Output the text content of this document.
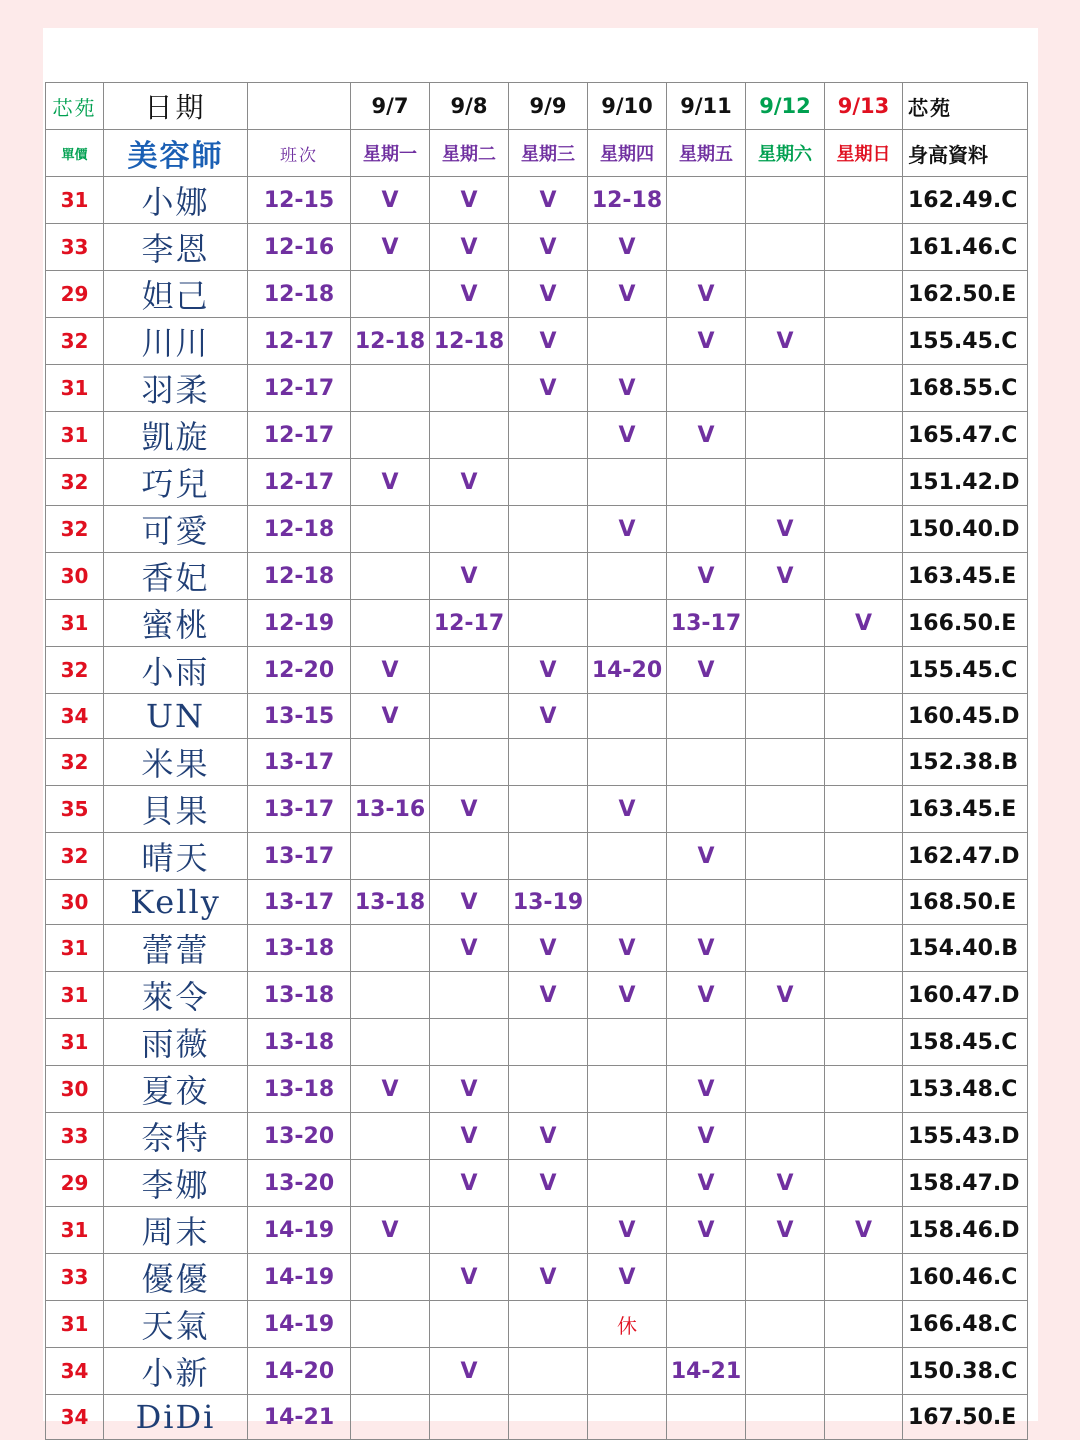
芯苑	日期		9/7	9/8	9/9	9/10	9/11	9/12	9/13	芯苑
單價	美容師	班次	星期一	星期二	星期三	星期四	星期五	星期六	星期日	身高資料
31	小娜	12-15	V	V	V	12-18				162.49.C
33	李恩	12-16	V	V	V	V				161.46.C
29	妲己	12-18		V	V	V	V			162.50.E
32	川川	12-17	12-18	12-18	V		V	V		155.45.C
31	羽柔	12-17			V	V				168.55.C
31	凱旋	12-17				V	V			165.47.C
32	巧兒	12-17	V	V						151.42.D
32	可愛	12-18				V		V		150.40.D
30	香妃	12-18		V			V	V		163.45.E
31	蜜桃	12-19		12-17			13-17		V	166.50.E
32	小雨	12-20	V		V	14-20	V			155.45.C
34	UN	13-15	V		V					160.45.D
32	米果	13-17								152.38.B
35	貝果	13-17	13-16	V		V				163.45.E
32	晴天	13-17					V			162.47.D
30	Kelly	13-17	13-18	V	13-19					168.50.E
31	蕾蕾	13-18		V	V	V	V			154.40.B
31	萊令	13-18			V	V	V	V		160.47.D
31	雨薇	13-18								158.45.C
30	夏夜	13-18	V	V			V			153.48.C
33	奈特	13-20		V	V		V			155.43.D
29	李娜	13-20		V	V		V	V		158.47.D
31	周末	14-19	V			V	V	V	V	158.46.D
33	優優	14-19		V	V	V				160.46.C
31	天氣	14-19				休				166.48.C
34	小新	14-20		V			14-21			150.38.C
34	DiDi	14-21								167.50.E
